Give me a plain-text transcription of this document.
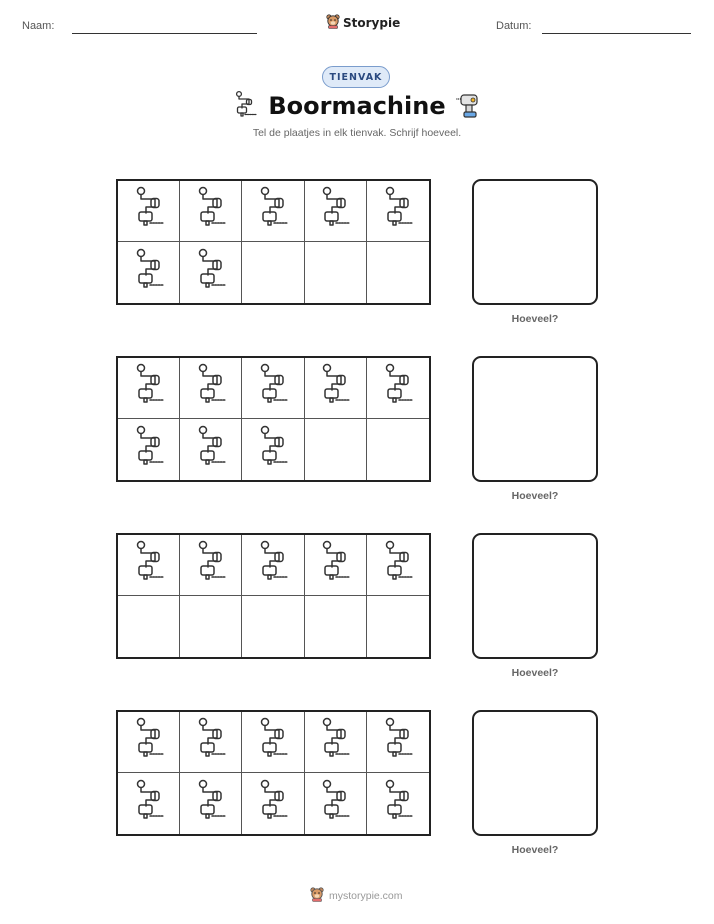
Naam:	Storypie	Datum:
TIENVAK
Boormachine
Tel de plaatjes in elk tienvak. Schrijf hoeveel.
Hoeveel?
Hoeveel?
Hoeveel?
Hoeveel?
mystorypie.com
